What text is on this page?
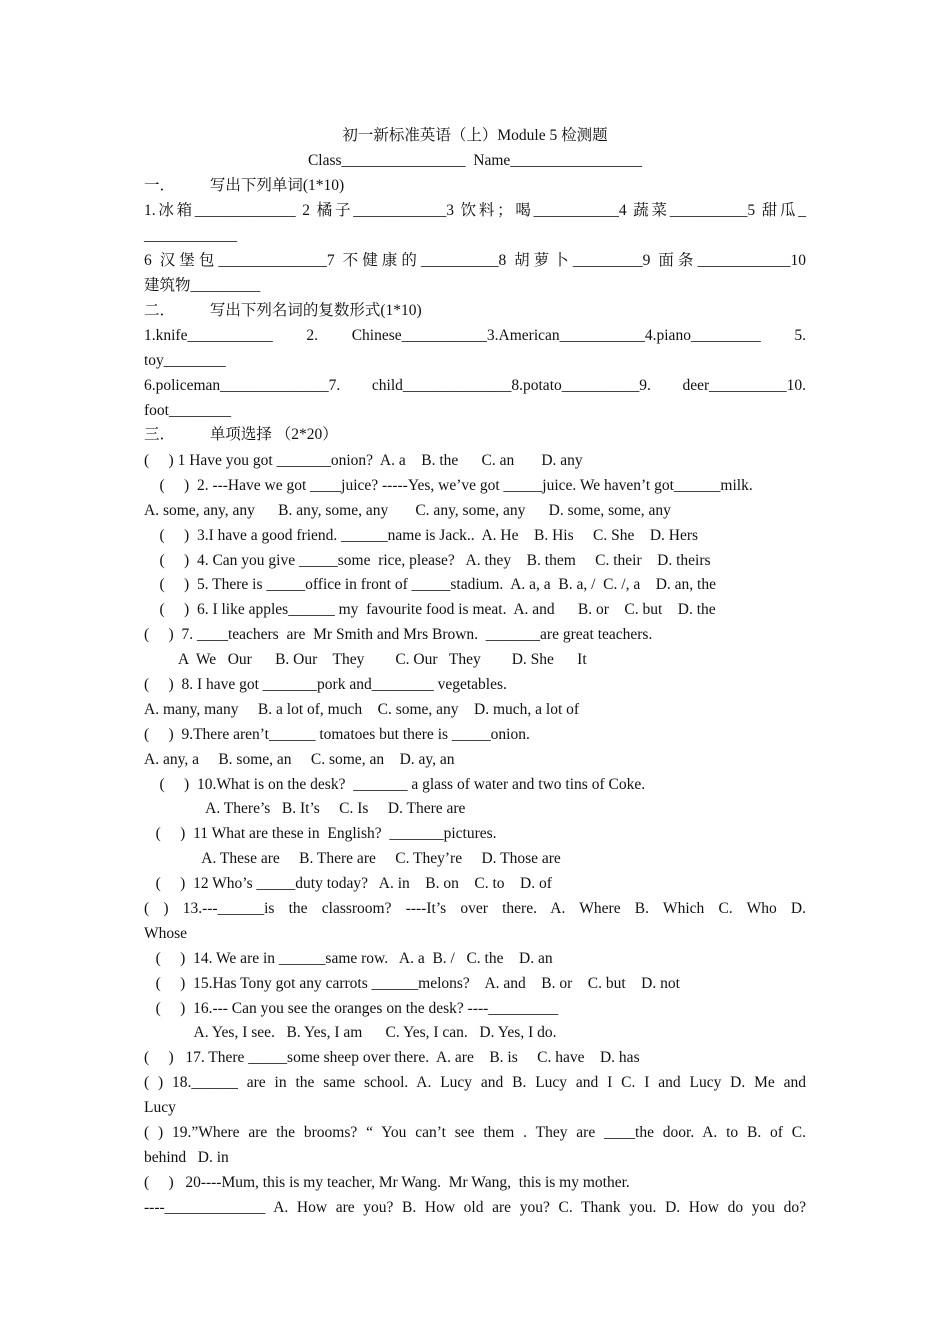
初一新标准英语（上）Module 5 检测题
Class________________  Name_________________
一．         写出下列单词(1*10)
1.冰箱_____________ 2 橘子____________3 饮料；喝___________4 蔬菜__________5 甜瓜_
____________
6 汉堡包______________7 不健康的__________8 胡萝卜_________9 面条____________10
建筑物_________
二．         写出下列名词的复数形式(1*10)
1.knife___________ 2. Chinese___________3.American___________4.piano_________ 5.
toy________
6.policeman______________7. child______________8.potato__________9. deer__________10.
foot________
三．         单项选择 （2*20）
(     ) 1 Have you got _______onion?  A. a    B. the      C. an       D. any
(     )  2. ---Have we got ____juice? -----Yes, we’ve got _____juice. We haven’t got______milk.
A. some, any, any      B. any, some, any       C. any, some, any      D. some, some, any
(     )  3.I have a good friend. ______name is Jack..  A. He    B. His     C. She    D. Hers
(     )  4. Can you give _____some  rice, please?   A. they    B. them     C. their    D. theirs
(     )  5. There is _____office in front of _____stadium.  A. a, a  B. a, /  C. /, a    D. an, the
(     )  6. I like apples______ my  favourite food is meat.  A. and      B. or    C. but    D. the
(     )  7. ____teachers  are  Mr Smith and Mrs Brown.  _______are great teachers.
A  We   Our      B. Our    They        C. Our   They        D. She      It
(     )  8. I have got _______pork and________ vegetables.
A. many, many     B. a lot of, much    C. some, any    D. much, a lot of
(     )  9.There aren’t______ tomatoes but there is _____onion.
A. any, a     B. some, an     C. some, an    D. ay, an
(     )  10.What is on the desk?  _______ a glass of water and two tins of Coke.
A. There’s   B. It’s     C. Is     D. There are
(     )  11 What are these in  English?  _______pictures.
A. These are     B. There are     C. They’re     D. Those are
(     )  12 Who’s _____duty today?   A. in    B. on    C. to    D. of
( ) 13.---______is the classroom? ----It’s over there. A. Where B. Which C. Who D.
Whose
(     )  14. We are in ______same row.   A. a  B. /   C. the    D. an
(     )  15.Has Tony got any carrots ______melons?    A. and    B. or    C. but    D. not
(     )  16.--- Can you see the oranges on the desk? ----_________
A. Yes, I see.   B. Yes, I am      C. Yes, I can.   D. Yes, I do.
(     )   17. There _____some sheep over there.  A. are    B. is     C. have    D. has
( ) 18.______ are in the same school. A. Lucy and B. Lucy and I C. I and Lucy D. Me and
Lucy
( ) 19.”Where are the brooms? “ You can’t see them . They are ____the door. A. to B. of C.
behind   D. in
(     )   20----Mum, this is my teacher, Mr Wang.  Mr Wang,  this is my mother.
----_____________ A. How are you? B. How old are you? C. Thank you. D. How do you do?
